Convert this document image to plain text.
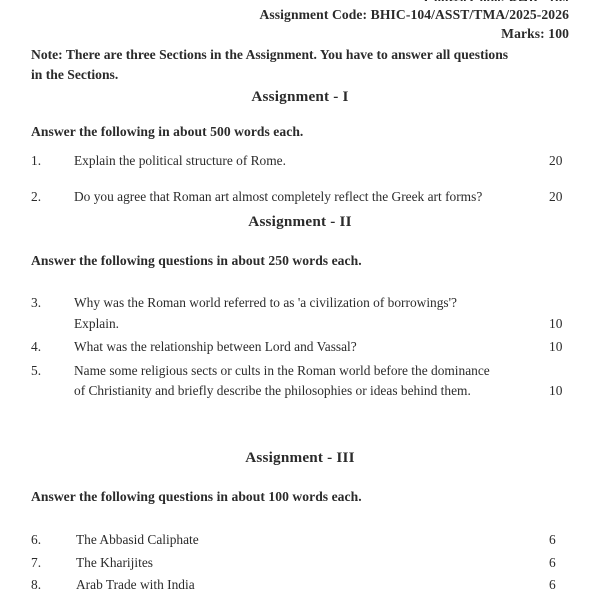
Assignment Code: BHIC-104/ASST/TMA/2025-2026
Marks: 100
Note: There are three Sections in the Assignment. You have to answer all questions
in the Sections.
Assignment - I
Answer the following in about 500 words each.
1.	Explain the political structure of Rome.	20
2.	Do you agree that Roman art almost completely reflect the Greek art forms?	20
Assignment - II
Answer the following questions in about 250 words each.
3.	Why was the Roman world referred to as 'a civilization of borrowings'?
Explain.	10
4.	What was the relationship between Lord and Vassal?	10
5.	Name some religious sects or cults in the Roman world before the dominance
of Christianity and briefly describe the philosophies or ideas behind them.	10
Assignment - III
Answer the following questions in about 100 words each.
6.	The Abbasid Caliphate	6
7.	The Kharijites	6
8.	Arab Trade with India	6
